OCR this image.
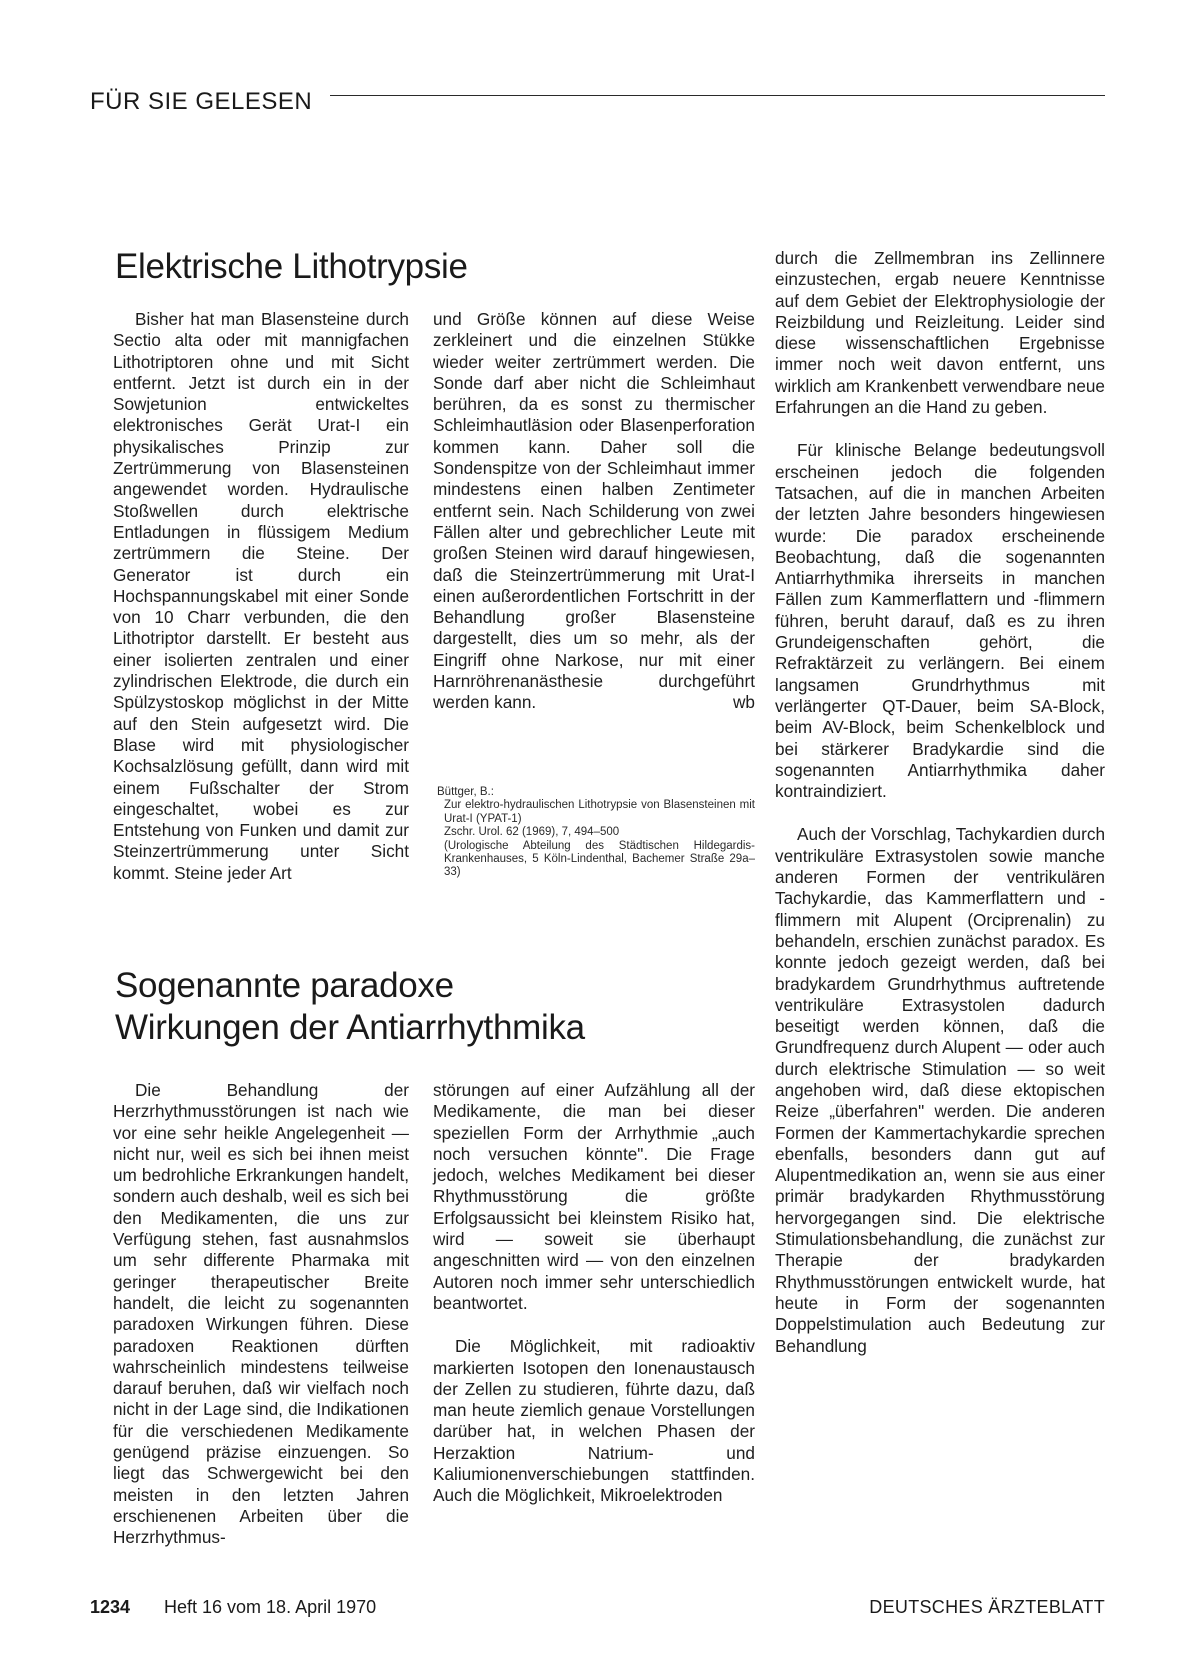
FÜR SIE GELESEN
Elektrische Lithotrypsie

Bisher hat man Blasensteine durch Sectio alta oder mit mannigfachen Lithotriptoren ohne und mit Sicht entfernt. Jetzt ist durch ein in der Sowjetunion entwickeltes elektronisches Gerät Urat-I ein physikalisches Prinzip zur Zertrümmerung von Blasensteinen angewendet worden. Hydraulische Stoßwellen durch elektrische Entladungen in flüssigem Medium zertrümmern die Steine. Der Generator ist durch ein Hochspannungskabel mit einer Sonde von 10 Charr verbunden, die den Lithotriptor darstellt. Er besteht aus einer isolierten zentralen und einer zylindrischen Elektrode, die durch ein Spülzystoskop möglichst in der Mitte auf den Stein aufgesetzt wird. Die Blase wird mit physiologischer Kochsalzlösung gefüllt, dann wird mit einem Fußschalter der Strom eingeschaltet, wobei es zur Entstehung von Funken und damit zur Steinzertrümmerung unter Sicht kommt. Steine jeder Art

und Größe können auf diese Weise zerkleinert und die einzelnen Stükke wieder weiter zertrümmert werden. Die Sonde darf aber nicht die Schleimhaut berühren, da es sonst zu thermischer Schleimhautläsion oder Blasenperforation kommen kann. Daher soll die Sondenspitze von der Schleimhaut immer mindestens einen halben Zentimeter entfernt sein. Nach Schilderung von zwei Fällen alter und gebrechlicher Leute mit großen Steinen wird darauf hingewiesen, daß die Steinzertrümmerung mit Urat-I einen außerordentlichen Fortschritt in der Behandlung großer Blasensteine dargestellt, dies um so mehr, als der Eingriff ohne Narkose, nur mit einer Harnröhrenanästhesie durchgeführt werden kann.	wb

Büttger, B.:

Zur elektro-hydraulischen Lithotrypsie von Blasensteinen mit Urat-I (YPAT-1)

Zschr. Urol. 62 (1969), 7, 494–500

(Urologische Abteilung des Städtischen Hildegardis-Krankenhauses, 5 Köln-Lindenthal, Bachemer Straße 29a–33)

Sogenannte paradoxe
Wirkungen der Antiarrhythmika

Die Behandlung der Herzrhythmusstörungen ist nach wie vor eine sehr heikle Angelegenheit — nicht nur, weil es sich bei ihnen meist um bedrohliche Erkrankungen handelt, sondern auch deshalb, weil es sich bei den Medikamenten, die uns zur Verfügung stehen, fast ausnahmslos um sehr differente Pharmaka mit geringer therapeutischer Breite handelt, die leicht zu sogenannten paradoxen Wirkungen führen. Diese paradoxen Reaktionen dürften wahrscheinlich mindestens teilweise darauf beruhen, daß wir vielfach noch nicht in der Lage sind, die Indikationen für die verschiedenen Medikamente genügend präzise einzuengen. So liegt das Schwergewicht bei den meisten in den letzten Jahren erschienenen Arbeiten über die Herzrhythmus-

störungen auf einer Aufzählung all der Medikamente, die man bei dieser speziellen Form der Arrhythmie „auch noch versuchen könnte". Die Frage jedoch, welches Medikament bei dieser Rhythmusstörung die größte Erfolgsaussicht bei kleinstem Risiko hat, wird — soweit sie überhaupt angeschnitten wird — von den einzelnen Autoren noch immer sehr unterschiedlich beantwortet.

Die Möglichkeit, mit radioaktiv markierten Isotopen den Ionenaustausch der Zellen zu studieren, führte dazu, daß man heute ziemlich genaue Vorstellungen darüber hat, in welchen Phasen der Herzaktion Natrium- und Kaliumionenverschiebungen stattfinden. Auch die Möglichkeit, Mikroelektroden

durch die Zellmembran ins Zellinnere einzustechen, ergab neuere Kenntnisse auf dem Gebiet der Elektrophysiologie der Reizbildung und Reizleitung. Leider sind diese wissenschaftlichen Ergebnisse immer noch weit davon entfernt, uns wirklich am Krankenbett verwendbare neue Erfahrungen an die Hand zu geben.

Für klinische Belange bedeutungsvoll erscheinen jedoch die folgenden Tatsachen, auf die in manchen Arbeiten der letzten Jahre besonders hingewiesen wurde: Die paradox erscheinende Beobachtung, daß die sogenannten Antiarrhythmika ihrerseits in manchen Fällen zum Kammerflattern und -flimmern führen, beruht darauf, daß es zu ihren Grundeigenschaften gehört, die Refraktärzeit zu verlängern. Bei einem langsamen Grundrhythmus mit verlängerter QT-Dauer, beim SA-Block, beim AV-Block, beim Schenkelblock und bei stärkerer Bradykardie sind die sogenannten Antiarrhythmika daher kontraindiziert.

Auch der Vorschlag, Tachykardien durch ventrikuläre Extrasystolen sowie manche anderen Formen der ventrikulären Tachykardie, das Kammerflattern und -flimmern mit Alupent (Orciprenalin) zu behandeln, erschien zunächst paradox. Es konnte jedoch gezeigt werden, daß bei bradykardem Grundrhythmus auftretende ventrikuläre Extrasystolen dadurch beseitigt werden können, daß die Grundfrequenz durch Alupent — oder auch durch elektrische Stimulation — so weit angehoben wird, daß diese ektopischen Reize „überfahren" werden. Die anderen Formen der Kammertachykardie sprechen ebenfalls, besonders dann gut auf Alupentmedikation an, wenn sie aus einer primär bradykarden Rhythmusstörung hervorgegangen sind. Die elektrische Stimulationsbehandlung, die zunächst zur Therapie der bradykarden Rhythmusstörungen entwickelt wurde, hat heute in Form der sogenannten Doppelstimulation auch Bedeutung zur Behandlung

1234 Heft 16 vom 18. April 1970	DEUTSCHES ÄRZTEBLATT
